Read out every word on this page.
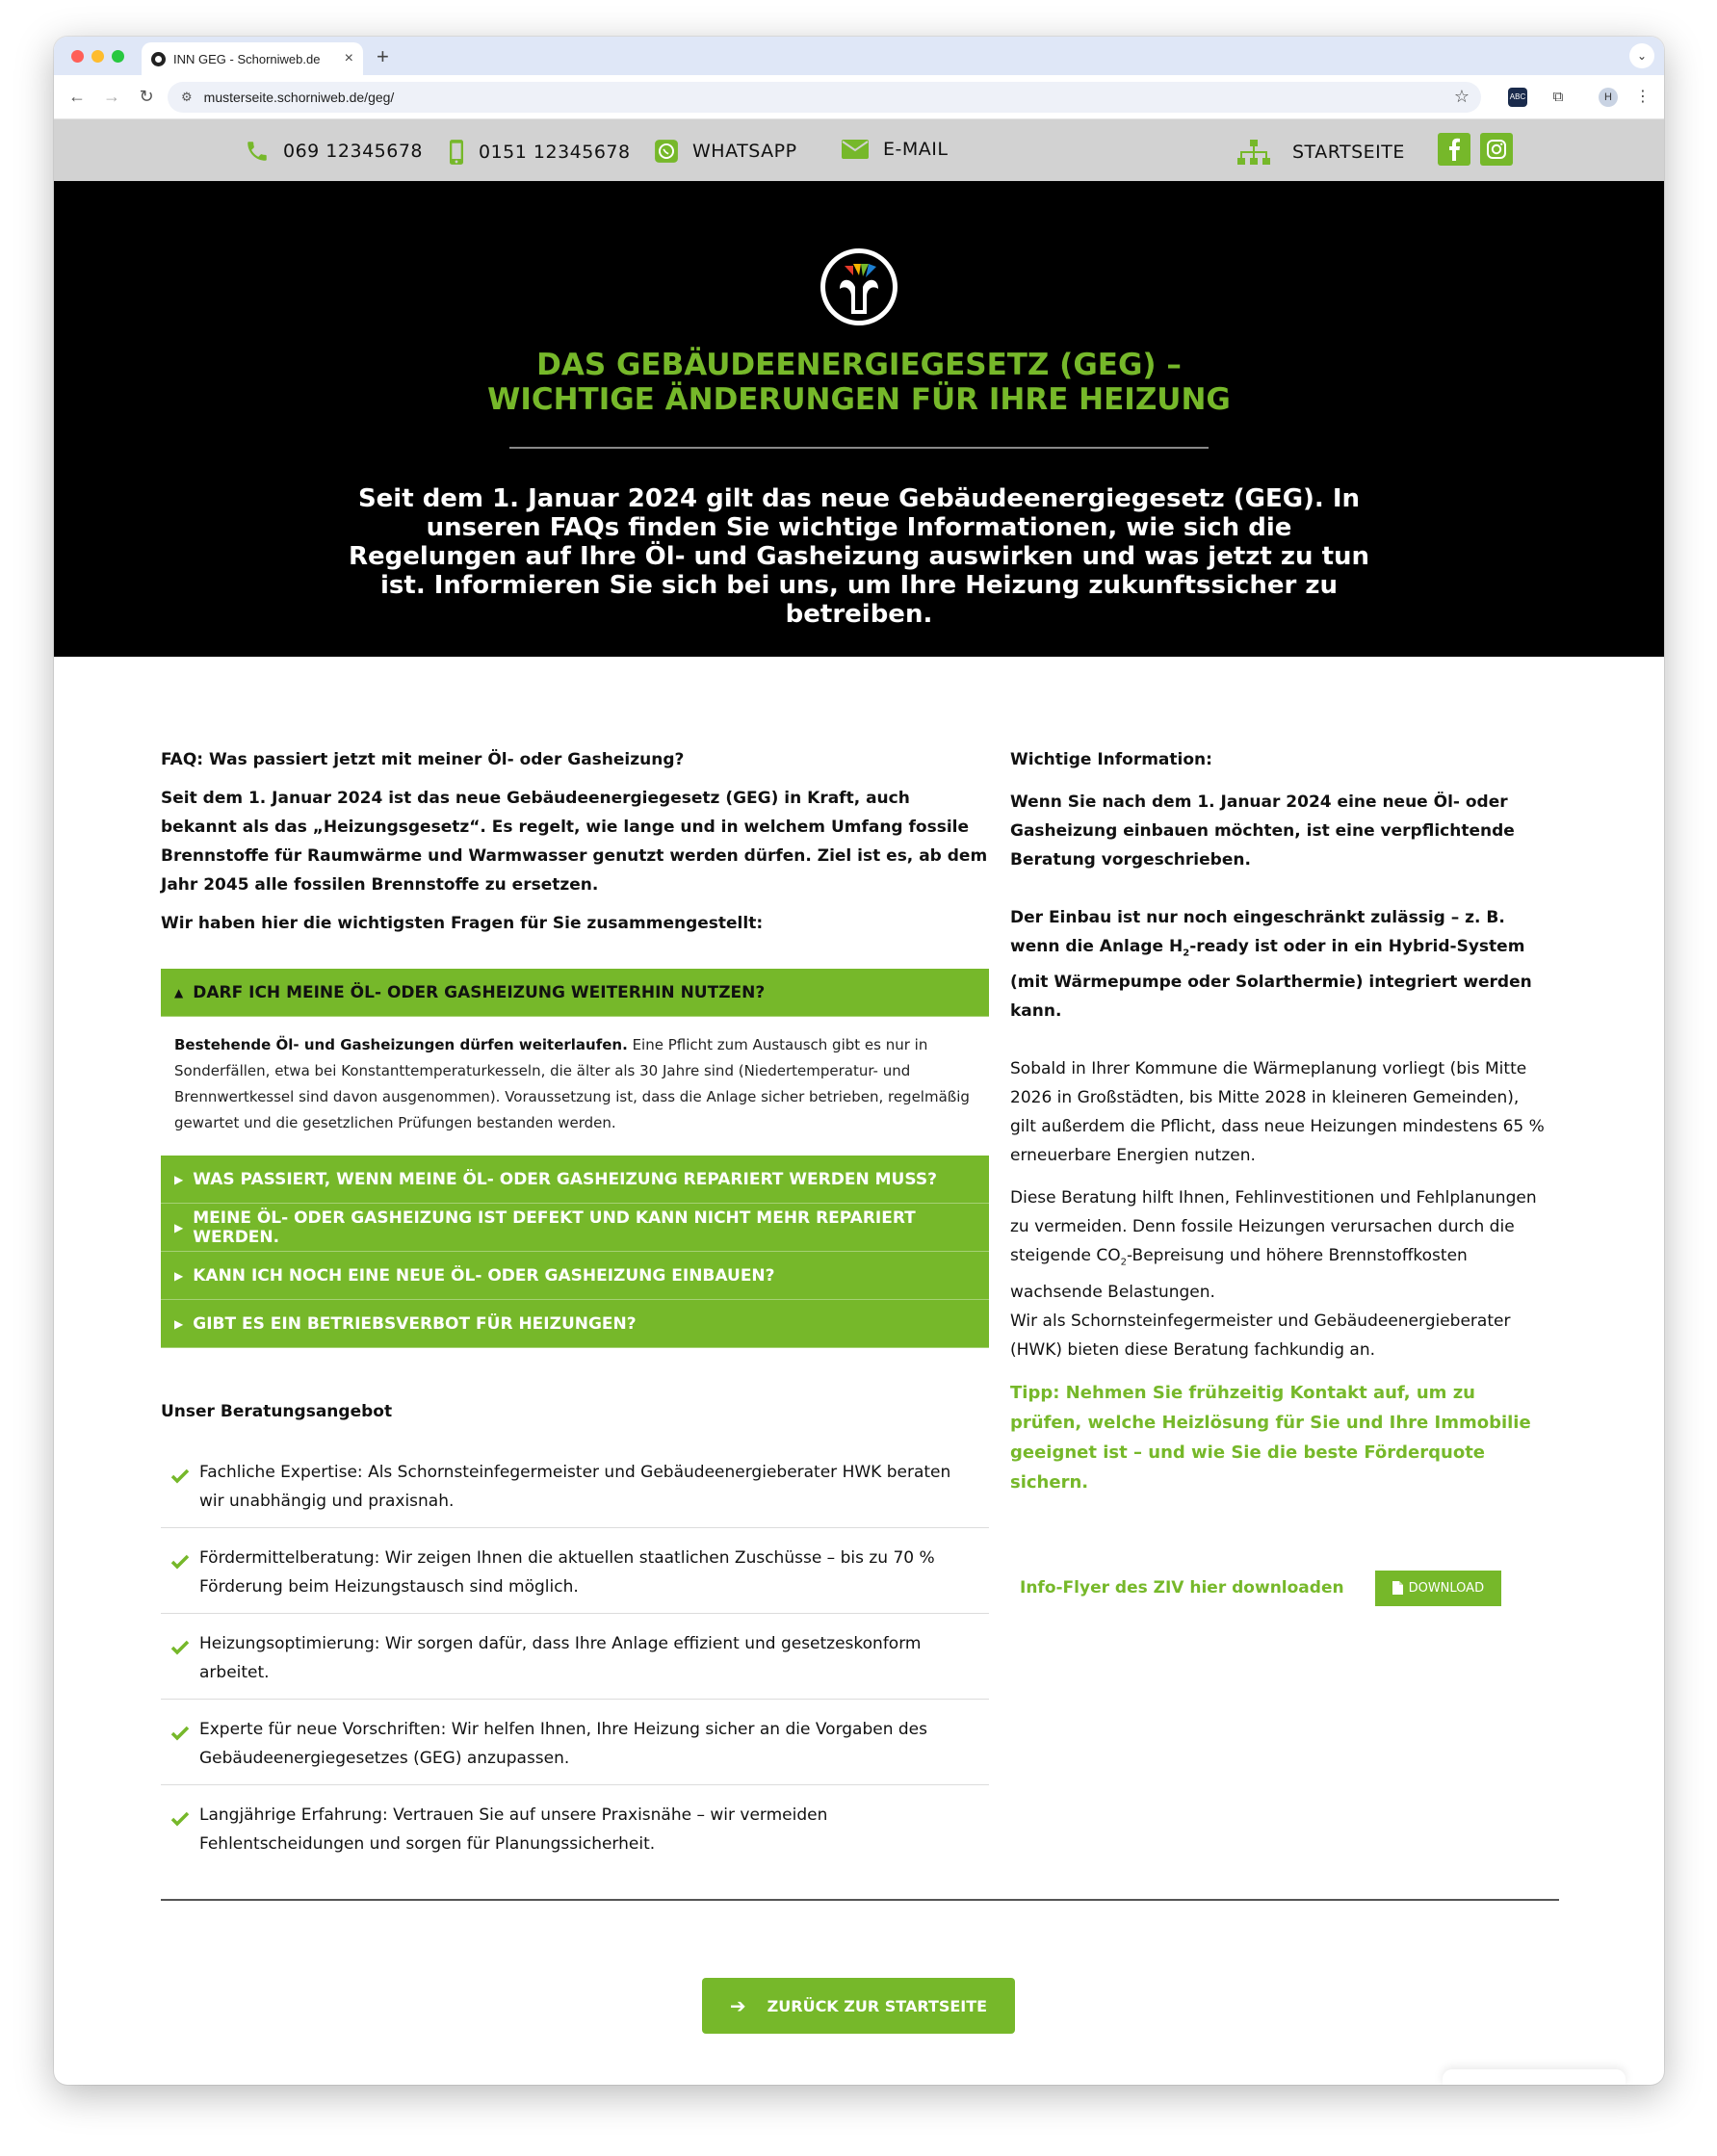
INN GEG - Schorniweb.de	× +	⌄
←	→	↻	⚙ musterseite.schorniweb.de/geg/	☆	ABC	⧉	H	⋮
069 12345678	0151 12345678	WHATSAPP	E-MAIL	STARTSEITE
DAS GEBÄUDEENERGIEGESETZ (GEG) –
WICHTIGE ÄNDERUNGEN FÜR IHRE HEIZUNG
Seit dem 1. Januar 2024 gilt das neue Gebäudeenergiegesetz (GEG). In unseren FAQs finden Sie wichtige Informationen, wie sich die Regelungen auf Ihre Öl- und Gasheizung auswirken und was jetzt zu tun ist. Informieren Sie sich bei uns, um Ihre Heizung zukunftssicher zu betreiben.
FAQ: Was passiert jetzt mit meiner Öl- oder Gasheizung?
Seit dem 1. Januar 2024 ist das neue Gebäudeenergiegesetz (GEG) in Kraft, auch bekannt als das „Heizungsgesetz“. Es regelt, wie lange und in welchem Umfang fossile Brennstoffe für Raumwärme und Warmwasser genutzt werden dürfen. Ziel ist es, ab dem Jahr 2045 alle fossilen Brennstoffe zu ersetzen.
Wir haben hier die wichtigsten Fragen für Sie zusammengestellt:
▲ DARF ICH MEINE ÖL- ODER GASHEIZUNG WEITERHIN NUTZEN?
Bestehende Öl- und Gasheizungen dürfen weiterlaufen. Eine Pflicht zum Austausch gibt es nur in Sonderfällen, etwa bei Konstanttemperaturkesseln, die älter als 30 Jahre sind (Niedertemperatur- und Brennwertkessel sind davon ausgenommen). Voraussetzung ist, dass die Anlage sicher betrieben, regelmäßig gewartet und die gesetzlichen Prüfungen bestanden werden.
▶ WAS PASSIERT, WENN MEINE ÖL- ODER GASHEIZUNG REPARIERT WERDEN MUSS?
▶ MEINE ÖL- ODER GASHEIZUNG IST DEFEKT UND KANN NICHT MEHR REPARIERT WERDEN.
▶ KANN ICH NOCH EINE NEUE ÖL- ODER GASHEIZUNG EINBAUEN?
▶ GIBT ES EIN BETRIEBSVERBOT FÜR HEIZUNGEN?
Unser Beratungsangebot
Fachliche Expertise: Als Schornsteinfegermeister und Gebäudeenergieberater HWK beraten wir unabhängig und praxisnah.
Fördermittelberatung: Wir zeigen Ihnen die aktuellen staatlichen Zuschüsse – bis zu 70 % Förderung beim Heizungstausch sind möglich.
Heizungsoptimierung: Wir sorgen dafür, dass Ihre Anlage effizient und gesetzeskonform arbeitet.
Experte für neue Vorschriften: Wir helfen Ihnen, Ihre Heizung sicher an die Vorgaben des Gebäudeenergiegesetzes (GEG) anzupassen.
Langjährige Erfahrung: Vertrauen Sie auf unsere Praxisnähe – wir vermeiden Fehlentscheidungen und sorgen für Planungssicherheit.
Wichtige Information:
Wenn Sie nach dem 1. Januar 2024 eine neue Öl- oder Gasheizung einbauen möchten, ist eine verpflichtende Beratung vorgeschrieben.
Der Einbau ist nur noch eingeschränkt zulässig – z. B. wenn die Anlage $H_2$-ready ist oder in ein Hybrid-System (mit Wärmepumpe oder Solarthermie) integriert werden kann.
Sobald in Ihrer Kommune die Wärmeplanung vorliegt (bis Mitte 2026 in Großstädten, bis Mitte 2028 in kleineren Gemeinden), gilt außerdem die Pflicht, dass neue Heizungen mindestens 65 % erneuerbare Energien nutzen.
Diese Beratung hilft Ihnen, Fehlinvestitionen und Fehlplanungen zu vermeiden. Denn fossile Heizungen verursachen durch die steigende $CO_2$-Bepreisung und höhere Brennstoffkosten wachsende Belastungen.
Wir als Schornsteinfegermeister und Gebäudeenergieberater (HWK) bieten diese Beratung fachkundig an.
Tipp: Nehmen Sie frühzeitig Kontakt auf, um zu prüfen, welche Heizlösung für Sie und Ihre Immobilie geeignet ist – und wie Sie die beste Förderquote sichern.
Info-Flyer des ZIV hier downloaden	DOWNLOAD
➔ ZURÜCK ZUR STARTSEITE
